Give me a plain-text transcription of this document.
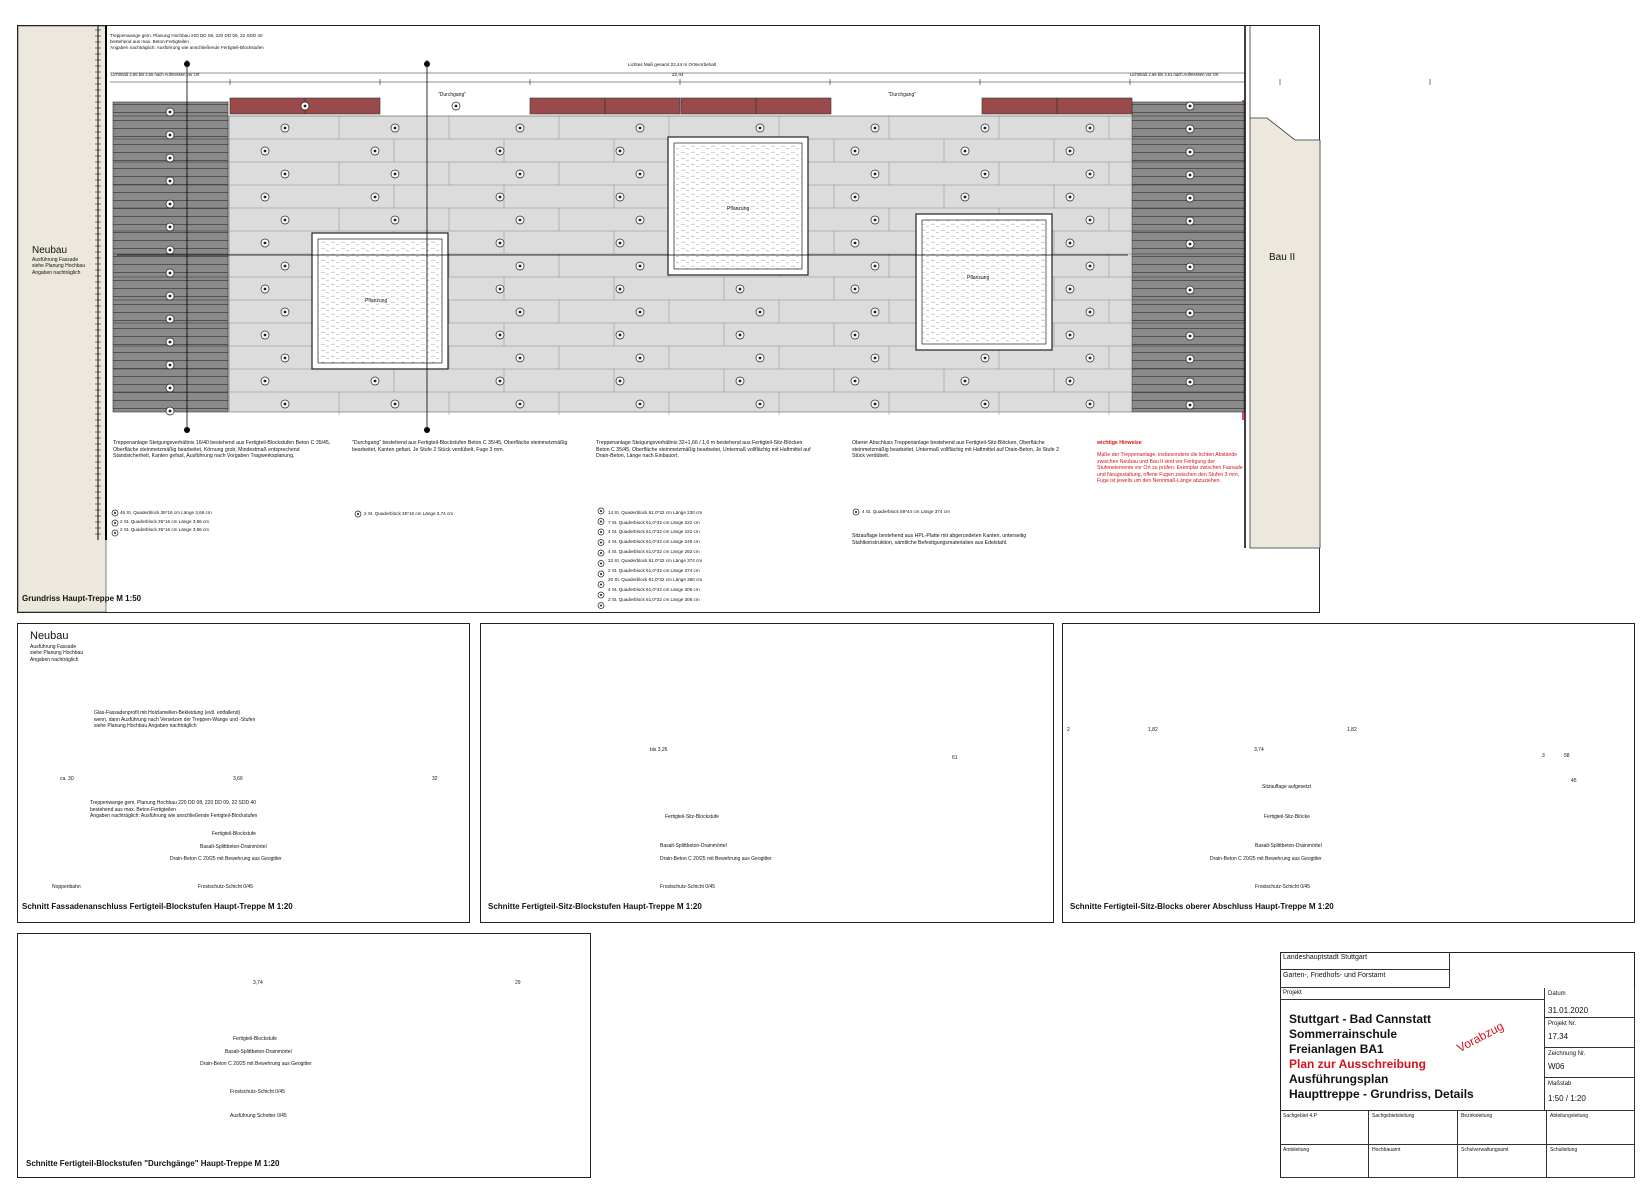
Neubau
Ausführung Fassade
siehe Planung Hochbau
Angaben nachträglich
Bau II
Grundriss Haupt-Treppe M 1:50
Treppenwange gem. Planung Hochbau 220 DD 08, 220 DD 09, 22 SDD 40
bestehend aus max. Beton-Fertigteilen
Angaben nachträglich: Ausführung wie anschließende Fertigteil-Blockstufen
Lichtes Maß gesamt 22,44 m Ortsvorbehalt
22,44
Lichtmaß 2,66 bis 3,55 nach Aufmessen vor Ort	Lichtmaß 2,66 bis 3,51 nach Aufmessen vor Ort
Pflanzung
Pflanzung
Pflanzung
"Durchgang"	"Durchgang"
Treppenanlage Steigungsverhältnis 16/40 bestehend aus Fertigteil-Blockstufen Beton C 35/45, Oberfläche steinmetzmäßig bearbeitet, Körnung grob, Mindestmaß entsprechend Standsicherheit, Kanten gefast, Ausführung nach Vorgaben Tragwerksplanung.
"Durchgang" bestehend aus Fertigteil-Blockstufen Beton C 35/45, Oberfläche steinmetzmäßig bearbeitet, Kanten gefast, Je Stufe 2 Stück verdübelt, Fuge 3 mm.
Treppenanlage Steigungsverhältnis 32+1,66 / 1,6 m bestehend aus Fertigteil-Sitz-Blöcken Beton C 35/45, Oberfläche steinmetzmäßig bearbeitet, Untermaß vollflächig mit Haftmittel auf Drain-Beton, Länge nach Einbauort.
Oberer Abschluss Treppenanlage bestehend aus Fertigteil-Sitz-Blöcken, Oberfläche steinmetzmäßig bearbeitet, Untermaß vollflächig mit Haftmittel auf Drain-Beton, Je Stufe 2 Stück verdübelt.
Sitzauflage bestehend aus HPL-Platte mit abgerundeten Kanten, unterseitig Stahlkonstruktion, sämtliche Befestigungsmaterialien aus Edelstahl.
wichtige Hinweise
Maße der Treppenanlage, insbesondere die lichten Abstände zwischen Neubau und Bau II sind vor Fertigung der Stufenelemente vor Ort zu prüfen. Exemplar zwischen Fassade und Neugestaltung, offene Fugen zwischen den Stufen 3 mm, Fuge ist jeweils um den Nennmaß-Länge abzuziehen.
46 St. Quaderblock 35*16 cm Länge 3,66 cm
2 St. Quaderblock 35*16 cm Länge 3,66 cm
2 St. Quaderblock 35*16 cm Länge 3,66 cm
2 St. Quaderblock 35*16 cm Länge 3,74 cm	14 St. Quaderblock 61,0*32 cm Länge 230 cm
7 St. Quaderblock 61,0*32 cm Länge 222 cm
4 St. Quaderblock 61,0*32 cm Länge 222 cm
4 St. Quaderblock 61,0*32 cm Länge 248 cm
4 St. Quaderblock 61,0*32 cm Länge 262 cm
22 St. Quaderblock 61,0*32 cm Länge 374 cm
2 St. Quaderblock 61,0*32 cm Länge 374 cm
20 St. Quaderblock 61,0*32 cm Länge 360 cm
4 St. Quaderblock 61,0*32 cm Länge 306 cm
2 St. Quaderblock 61,0*32 cm Länge 306 cm
4 St. Quaderblock 58*44 cm Länge 374 cm
Neubau
Ausführung Fassade
siehe Planung Hochbau
Angaben nachträglich
Glas-Fassadenprofil mit Holzlamellen-Bekleidung (evtl. entfallend)
wenn, dann Ausführung nach Versetzen der Treppen-Wange und -Stufen
siehe Planung Hochbau Angaben nachträglich
Treppenwange gem. Planung Hochbau 220 DD 08, 220 DD 09, 22 SDD 40
bestehend aus max. Beton-Fertigteilen
Angaben nachträglich: Ausführung wie anschließende Fertigteil-Blockstufen
ca. 30	3,66	32
Fertigteil-Blockstufe
Basalt-Splittbeton-Drainmörtel
Drain-Beton C 20/25 mit Bewehrung aus Geogitter
Frostschutz-Schicht 0/45
Noppenbahn
Schnitt Fassadenanschluss Fertigteil-Blockstufen Haupt-Treppe M 1:20
bis 3,26
61
Fertigteil-Sitz-Blockstufe
Basalt-Splittbeton-Drainmörtel
Drain-Beton C 20/25 mit Bewehrung aus Geogitter
Frostschutz-Schicht 0/45
Schnitte Fertigteil-Sitz-Blockstufen Haupt-Treppe M 1:20
2	1,82	1,82
3,74
58
45
3
Sitzauflage aufgesetzt
Fertigteil-Sitz-Blöcke
Basalt-Splittbeton-Drainmörtel
Drain-Beton C 20/25 mit Bewehrung aus Geogitter
Frostschutz-Schicht 0/45
Schnitte Fertigteil-Sitz-Blocks oberer Abschluss Haupt-Treppe M 1:20
3,74	29
Fertigteil-Blockstufe
Basalt-Splittbeton-Drainmörtel
Drain-Beton C 20/25 mit Bewehrung aus Geogitter
Frostschutz-Schicht 0/45
Ausführung Schotter 0/45
Schnitte Fertigteil-Blockstufen "Durchgänge" Haupt-Treppe M 1:20
Landeshauptstadt Stuttgart
Garten-, Friedhofs- und Forstamt
Projekt
Stuttgart - Bad Cannstatt
Sommerrainschule
Freianlagen BA1
Plan zur Ausschreibung
Ausführungsplan
Haupttreppe - Grundriss, Details
Vorabzug
Datum
31.01.2020
Projekt Nr.
17.34
Zeichnung Nr.
W06
Maßstab
1:50 / 1:20
Sachgebiet 4.P	Sachgebietsleitung	Bezirksleitung	Abteilungsleitung
Amtsleitung	Hochbauamt	Schulverwaltungsamt	Schulleitung
